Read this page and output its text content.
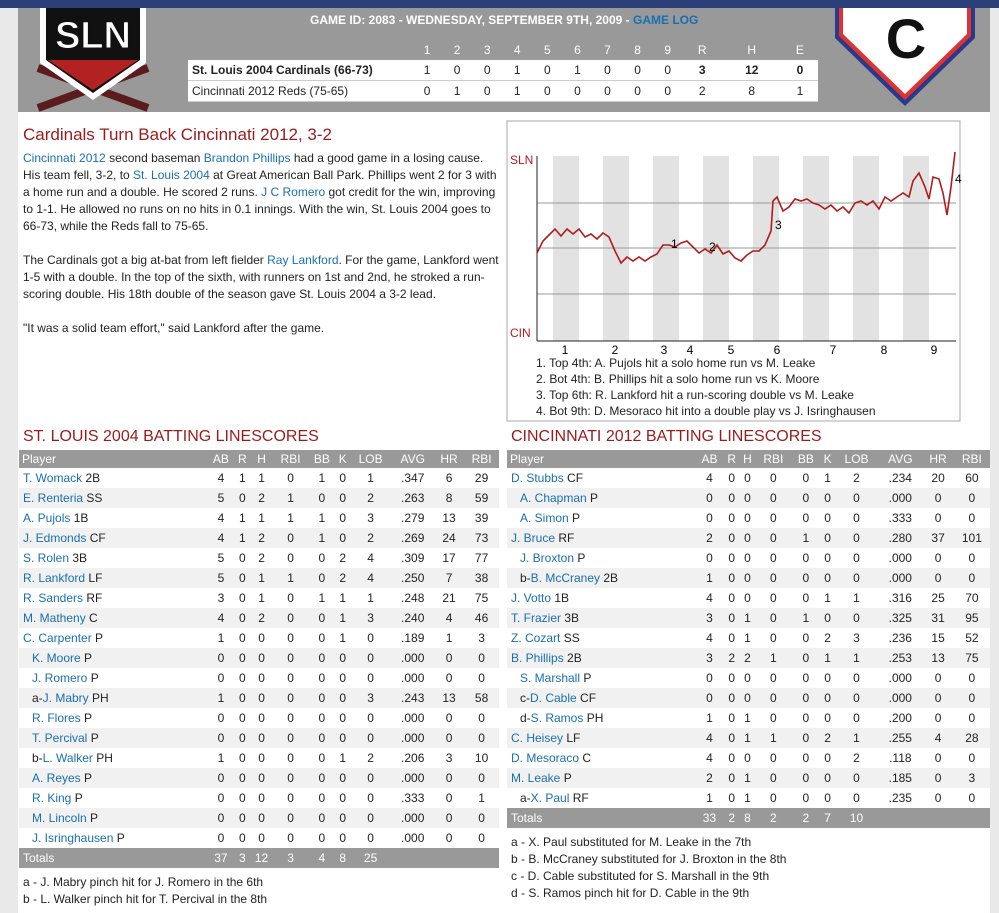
SLN	C
GAME ID: 2083 - WEDNESDAY, SEPTEMBER 9TH, 2009 - GAME LOG
	1	2	3	4	5	6	7	8	9	R	H	E
St. Louis 2004 Cardinals (66-73)	1	0	0	1	0	1	0	0	0	3	12	0
Cincinnati 2012 Reds (75-65)	0	1	0	1	0	0	0	0	0	2	8	1
Cardinals Turn Back Cincinnati 2012, 3-2

Cincinnati 2012 second baseman Brandon Phillips had a good game in a losing cause. His team fell, 3-2, to St. Louis 2004 at Great American Ball Park. Phillips went 2 for 3 with a home run and a double. He scored 2 runs. J C Romero got credit for the win, improving to 1-1. He allowed no runs on no hits in 0.1 innings. With the win, St. Louis 2004 goes to 66-73, while the Reds fall to 75-65.

The Cardinals got a big at-bat from left fielder Ray Lankford. For the game, Lankford went 1-5 with a double. In the top of the sixth, with runners on 1st and 2nd, he stroked a run-scoring double. His 18th double of the season gave St. Louis 2004 a 3-2 lead.

"It was a solid team effort," said Lankford after the game.

SLN
CIN
1	2	3 4	5	6	7	8	9
1	2
3
4
1. Top 4th: A. Pujols hit a solo home run vs M. Leake
2. Bot 4th: B. Phillips hit a solo home run vs K. Moore
3. Top 6th: R. Lankford hit a run-scoring double vs M. Leake
4. Bot 9th: D. Mesoraco hit into a double play vs J. Isringhausen
ST. LOUIS 2004 BATTING LINESCORES	CINCINNATI 2012 BATTING LINESCORES
Player	AB	R	H	RBI	BB	K	LOB	AVG	HR	RBI
T. Womack 2B	4	1	1	0	1	0	1	.347	6	29
E. Renteria SS	5	0	2	1	0	0	2	.263	8	59
A. Pujols 1B	4	1	1	1	1	0	3	.279	13	39
J. Edmonds CF	4	1	2	0	1	0	2	.269	24	73
S. Rolen 3B	5	0	2	0	0	2	4	.309	17	77
R. Lankford LF	5	0	1	1	0	2	4	.250	7	38
R. Sanders RF	3	0	1	0	1	1	1	.248	21	75
M. Matheny C	4	0	2	0	0	1	3	.240	4	46
C. Carpenter P	1	0	0	0	0	1	0	.189	1	3
K. Moore P	0	0	0	0	0	0	0	.000	0	0
J. Romero P	0	0	0	0	0	0	0	.000	0	0
a-J. Mabry PH	1	0	0	0	0	0	3	.243	13	58
R. Flores P	0	0	0	0	0	0	0	.000	0	0
T. Percival P	0	0	0	0	0	0	0	.000	0	0
b-L. Walker PH	1	0	0	0	0	1	2	.206	3	10
A. Reyes P	0	0	0	0	0	0	0	.000	0	0
R. King P	0	0	0	0	0	0	0	.333	0	1
M. Lincoln P	0	0	0	0	0	0	0	.000	0	0
J. Isringhausen P	0	0	0	0	0	0	0	.000	0	0
Totals	37	3	12	3	4	8	25			
Player	AB	R	H	RBI	BB	K	LOB	AVG	HR	RBI
D. Stubbs CF	4	0	0	0	0	1	2	.234	20	60
A. Chapman P	0	0	0	0	0	0	0	.000	0	0
A. Simon P	0	0	0	0	0	0	0	.333	0	0
J. Bruce RF	2	0	0	0	1	0	0	.280	37	101
J. Broxton P	0	0	0	0	0	0	0	.000	0	0
b-B. McCraney 2B	1	0	0	0	0	0	0	.000	0	0
J. Votto 1B	4	0	0	0	0	1	1	.316	25	70
T. Frazier 3B	3	0	1	0	1	0	0	.325	31	95
Z. Cozart SS	4	0	1	0	0	2	3	.236	15	52
B. Phillips 2B	3	2	2	1	0	1	1	.253	13	75
S. Marshall P	0	0	0	0	0	0	0	.000	0	0
c-D. Cable CF	0	0	0	0	0	0	0	.000	0	0
d-S. Ramos PH	1	0	1	0	0	0	0	.200	0	0
C. Heisey LF	4	0	1	1	0	2	1	.255	4	28
D. Mesoraco C	4	0	0	0	0	0	2	.118	0	0
M. Leake P	2	0	1	0	0	0	0	.185	0	3
a-X. Paul RF	1	0	1	0	0	0	0	.235	0	0
Totals	33	2	8	2	2	7	10			
a - J. Mabry pinch hit for J. Romero in the 6th
b - L. Walker pinch hit for T. Percival in the 8th
a - X. Paul substituted for M. Leake in the 7th
b - B. McCraney substituted for J. Broxton in the 8th
c - D. Cable substituted for S. Marshall in the 9th
d - S. Ramos pinch hit for D. Cable in the 9th
